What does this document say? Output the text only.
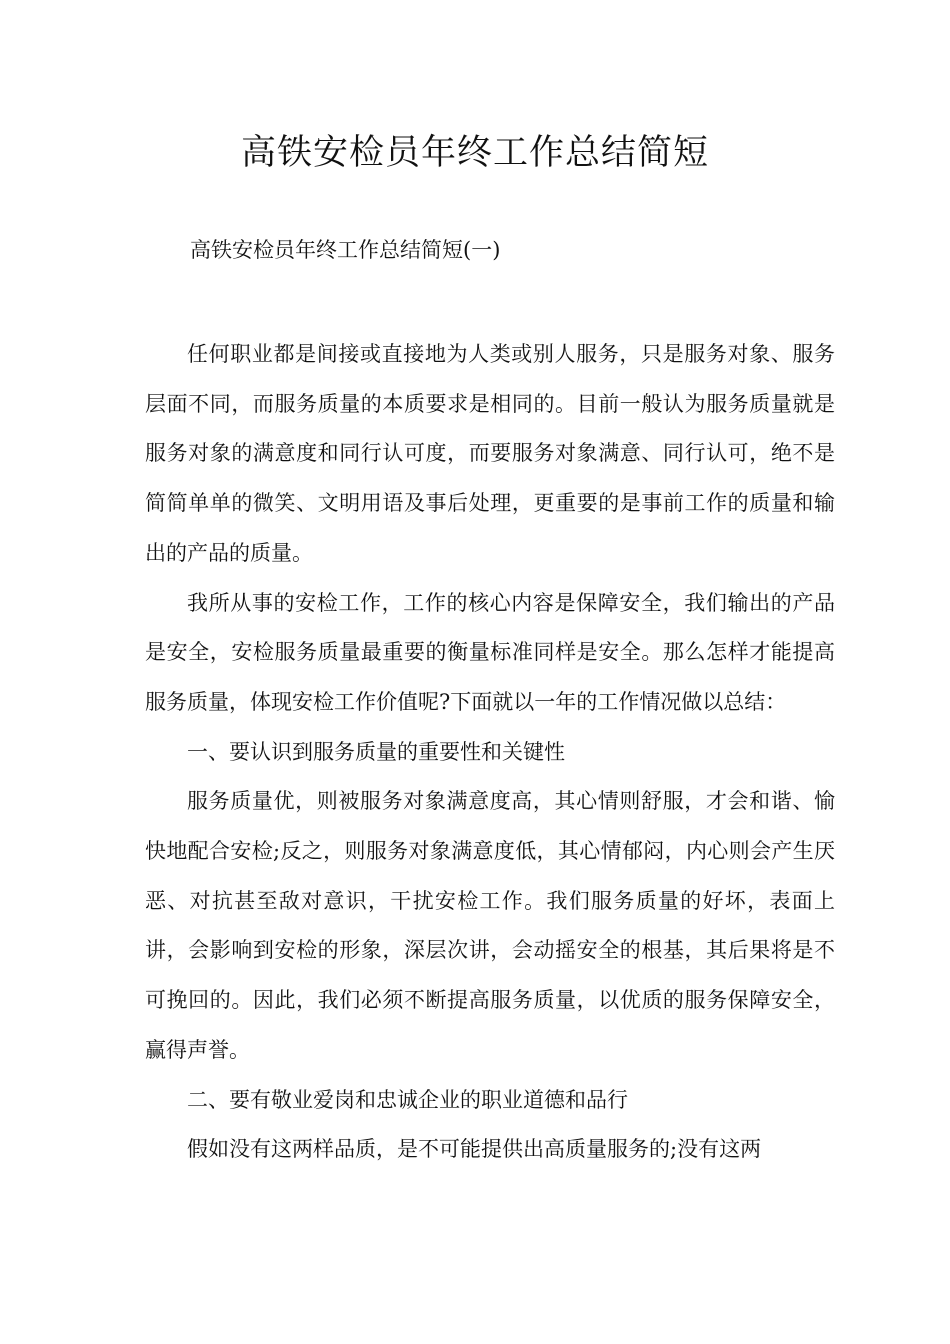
高铁安检员年终工作总结简短
高铁安检员年终工作总结简短(一)

任何职业都是间接或直接地为人类或别人服务，只是服务对象、服务层面不同，而服务质量的本质要求是相同的。目前一般认为服务质量就是服务对象的满意度和同行认可度，而要服务对象满意、同行认可，绝不是简简单单的微笑、文明用语及事后处理，更重要的是事前工作的质量和输出的产品的质量。

我所从事的安检工作，工作的核心内容是保障安全，我们输出的产品是安全，安检服务质量最重要的衡量标准同样是安全。那么怎样才能提高服务质量，体现安检工作价值呢?下面就以一年的工作情况做以总结：

一、要认识到服务质量的重要性和关键性

服务质量优，则被服务对象满意度高，其心情则舒服，才会和谐、愉快地配合安检;反之，则服务对象满意度低，其心情郁闷，内心则会产生厌恶、对抗甚至敌对意识，干扰安检工作。我们服务质量的好坏，表面上讲，会影响到安检的形象，深层次讲，会动摇安全的根基，其后果将是不可挽回的。因此，我们必须不断提高服务质量，以优质的服务保障安全，赢得声誉。

二、要有敬业爱岗和忠诚企业的职业道德和品行

假如没有这两样品质，是不可能提供出高质量服务的;没有这两
